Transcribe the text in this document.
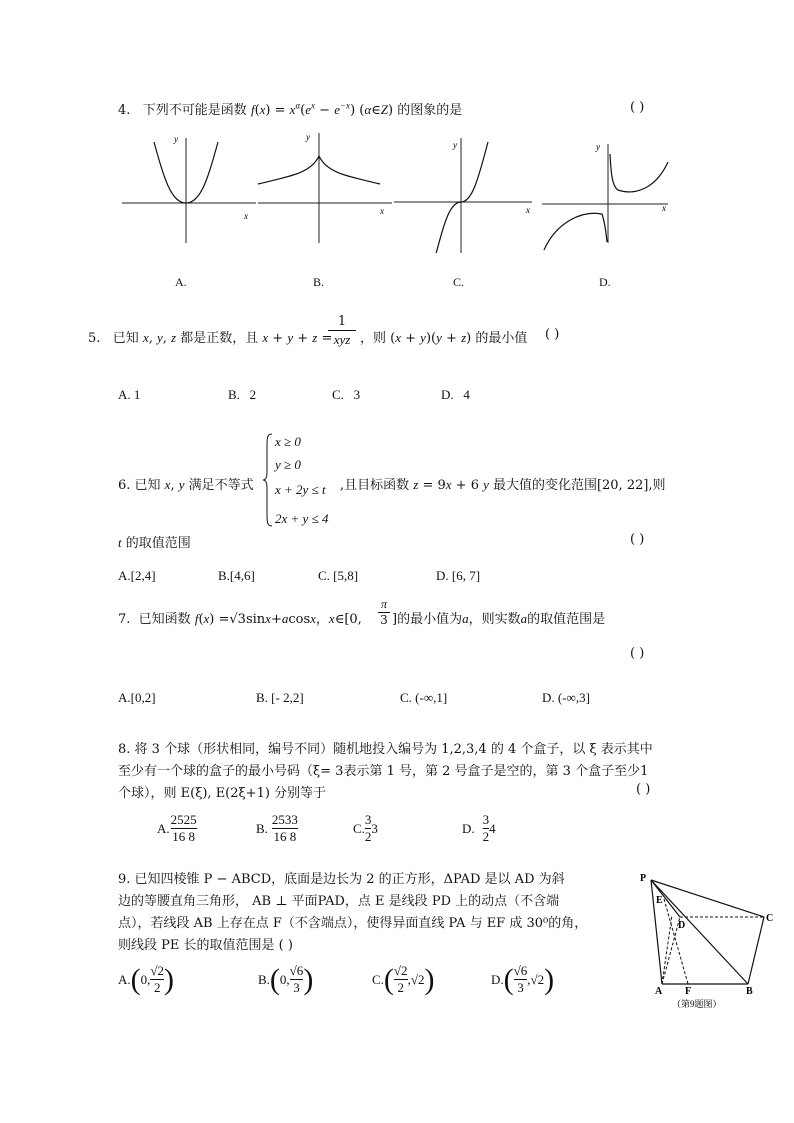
4.   下列不可能是函数 f(x) = x$^\alpha$(e$^x$ − e$^{-x}$) (α∈Z) 的图象的是	( )
x
y
x
y
x
y
x
y
A.	B.	C.	D.
5.   已知 x, y, z 都是正数，且 x + y + z =
1
xyz ，则 (x + y)(y + z) 的最小值 ( )
A. 1	B.   2	C.   3	D.   4
x ≥ 0
y ≥ 0
x + 2y ≤ t
2x + y ≤ 4
6. 已知 x, y 满足不等式	,且目标函数 z = 9x + 6 y 最大值的变化范围[20, 22],则
t 的取值范围	( )
A.[2,4]	B.[4,6]	C. [5,8]	D. [6, 7]
7.  已知函数 f(x) =√3sinx+acosx，x∈[0,
π
3 ]的最小值为a，则实数a的取值范围是
( )
A.[0,2]	B. [- 2,2]	C. (-∞,1]	D. (-∞,3]
8. 将 3 个球（形状相同，编号不同）随机地投入编号为 1,2,3,4 的 4 个盒子，以 ξ 表示其中
至少有一个球的盒子的最小号码（ξ= 3表示第 1 号，第 2 号盒子是空的，第 3 个盒子至少1
个球），则 E(ξ), E(2ξ+1) 分别等于	( )
A. $\frac{2525}{16 8}$	B. $\frac{2533}{16 8}$	C. $\frac{3}{2} 3$	D. $\frac{3}{2} 4$
9. 已知四棱锥 P − ABCD，底面是边长为 2 的正方形，ΔPAD 是以 AD 为斜
边的等腰直角三角形， AB ⊥ 平面PAD，点 E 是线段 PD 上的动点（不含端
点），若线段 AB 上存在点 F（不含端点），使得异面直线 PA 与 EF 成 30⁰的角，
则线段 PE 长的取值范围是 ( )
A.(0, $\frac{√2}{2}$ )	B.(0, $\frac{√6}{3}$ )	$C.( \frac{√2}{2} ,√2)$	$D.( \frac{√6}{3} ,√2)$
P
E
D
C
A F	B
（第9题图）
